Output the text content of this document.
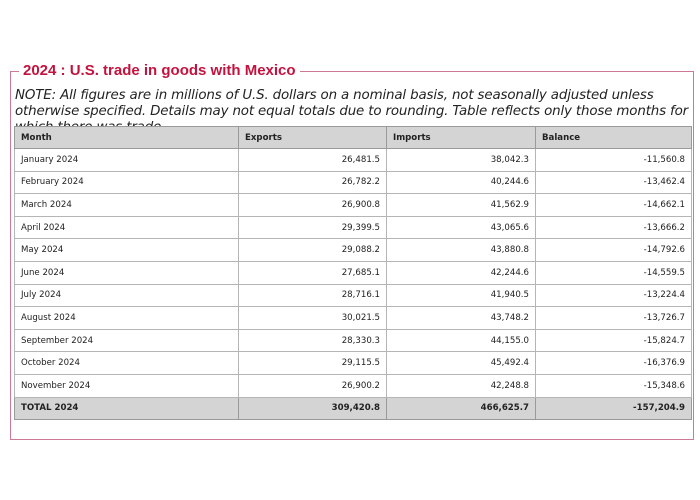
2024 : U.S. trade in goods with Mexico
NOTE: All figures are in millions of U.S. dollars on a nominal basis, not seasonally adjusted unless otherwise specified. Details may not equal totals due to rounding. Table reflects only those months for
Month	Exports	Imports	Balance
January 2024	26,481.5	38,042.3	-11,560.8
February 2024	26,782.2	40,244.6	-13,462.4
March 2024	26,900.8	41,562.9	-14,662.1
April 2024	29,399.5	43,065.6	-13,666.2
May 2024	29,088.2	43,880.8	-14,792.6
June 2024	27,685.1	42,244.6	-14,559.5
July 2024	28,716.1	41,940.5	-13,224.4
August 2024	30,021.5	43,748.2	-13,726.7
September 2024	28,330.3	44,155.0	-15,824.7
October 2024	29,115.5	45,492.4	-16,376.9
November 2024	26,900.2	42,248.8	-15,348.6
TOTAL 2024	309,420.8	466,625.7	-157,204.9
